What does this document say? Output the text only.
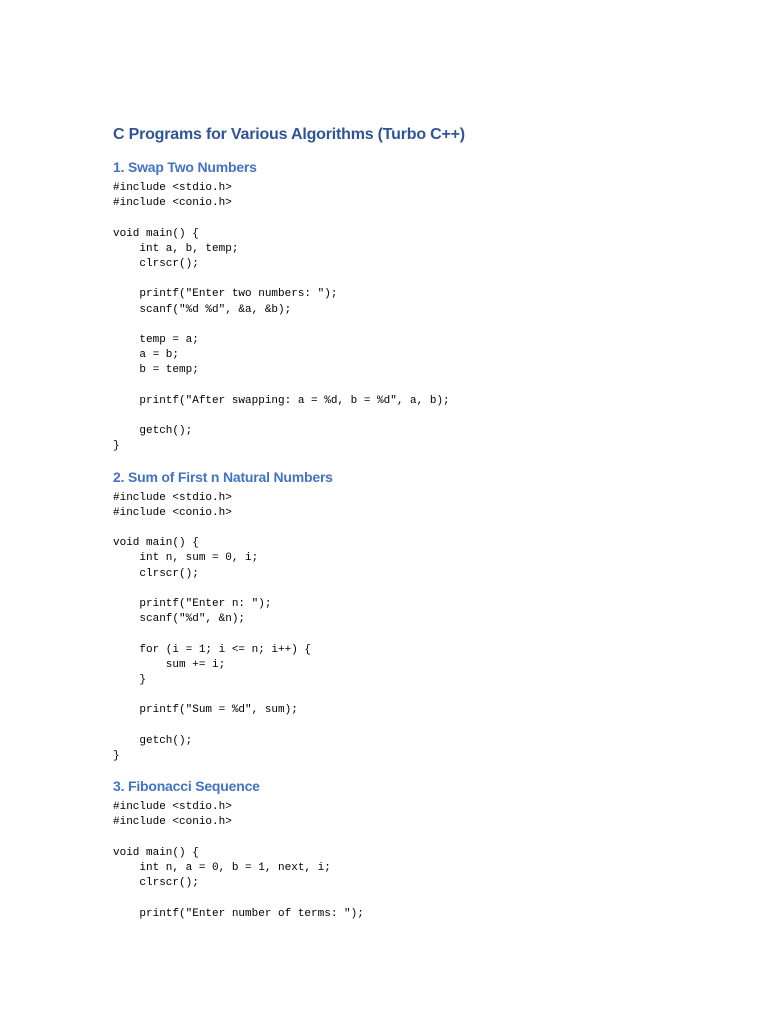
C Programs for Various Algorithms (Turbo C++)
1. Swap Two Numbers
#include <stdio.h>
#include <conio.h>
void main() {
int a, b, temp;
clrscr();
printf("Enter two numbers: ");
scanf("%d %d", &a, &b);
temp = a;
a = b;
b = temp;
printf("After swapping: a = %d, b = %d", a, b);
getch();
}
2. Sum of First n Natural Numbers
#include <stdio.h>
#include <conio.h>
void main() {
int n, sum = 0, i;
clrscr();
printf("Enter n: ");
scanf("%d", &n);
for (i = 1; i <= n; i++) {
sum += i;
}
printf("Sum = %d", sum);
getch();
}
3. Fibonacci Sequence
#include <stdio.h>
#include <conio.h>
void main() {
int n, a = 0, b = 1, next, i;
clrscr();
printf("Enter number of terms: ");
